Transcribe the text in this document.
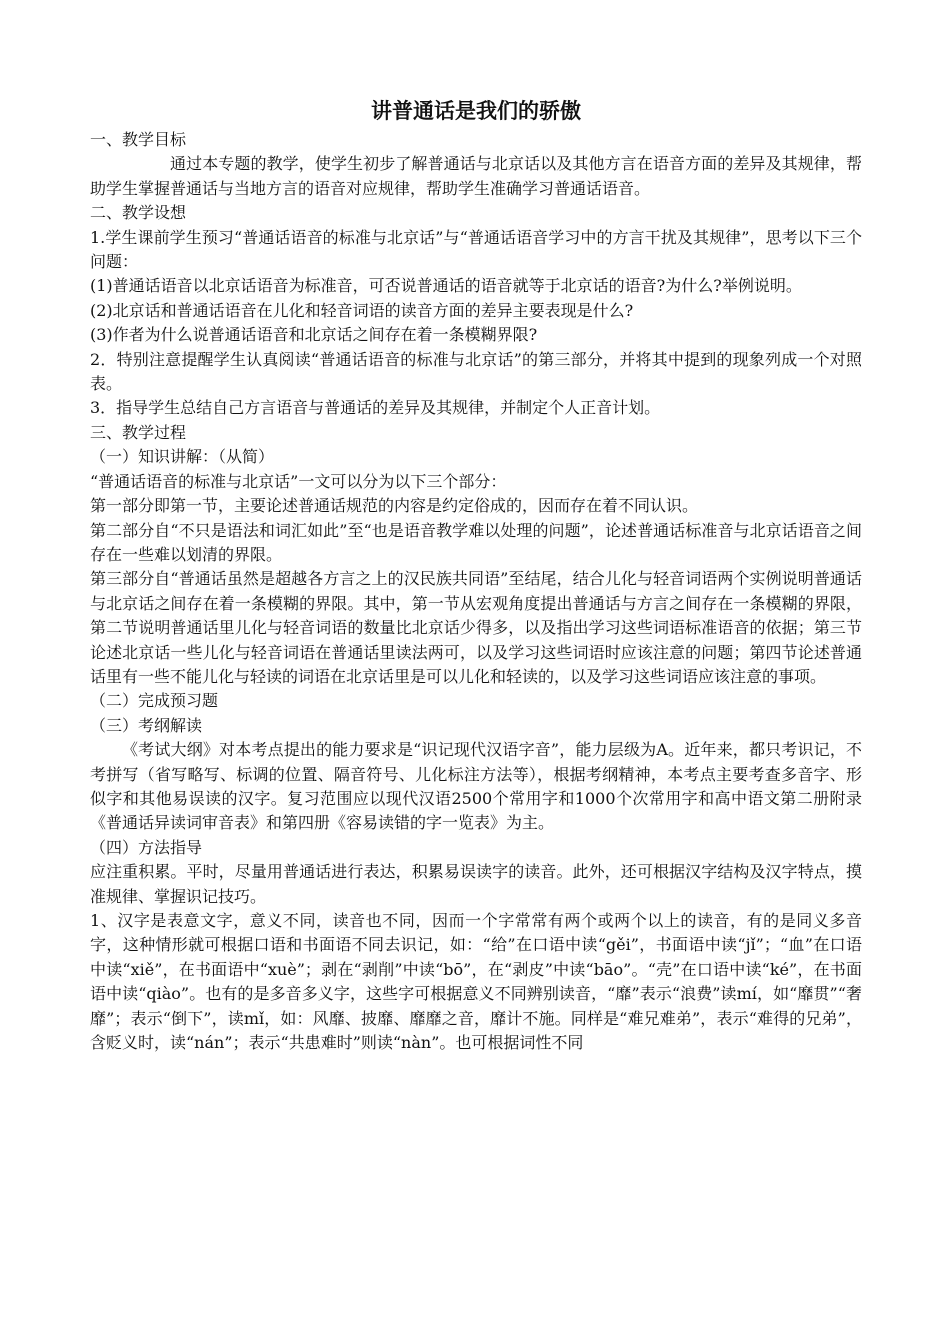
讲普通话是我们的骄傲

一、教学目标

通过本专题的教学，使学生初步了解普通话与北京话以及其他方言在语音方面的差异及其规律，帮助学生掌握普通话与当地方言的语音对应规律，帮助学生准确学习普通话语音。

二、教学设想

1.学生课前学生预习“普通话语音的标准与北京话”与“普通话语音学习中的方言干扰及其规律”，思考以下三个问题：

(1)普通话语音以北京话语音为标准音，可否说普通话的语音就等于北京话的语音?为什么?举例说明。

(2)北京话和普通话语音在儿化和轻音词语的读音方面的差异主要表现是什么?

(3)作者为什么说普通话语音和北京话之间存在着一条模糊界限?

2．特别注意提醒学生认真阅读“普通话语音的标准与北京话”的第三部分，并将其中提到的现象列成一个对照表。

3．指导学生总结自己方言语音与普通话的差异及其规律，并制定个人正音计划。

三、教学过程

（一）知识讲解：（从简）

“普通话语音的标准与北京话”一文可以分为以下三个部分：

第一部分即第一节，主要论述普通话规范的内容是约定俗成的，因而存在着不同认识。

第二部分自“不只是语法和词汇如此”至“也是语音教学难以处理的问题”，论述普通话标准音与北京话语音之间存在一些难以划清的界限。

第三部分自“普通话虽然是超越各方言之上的汉民族共同语”至结尾，结合儿化与轻音词语两个实例说明普通话与北京话之间存在着一条模糊的界限。其中，第一节从宏观角度提出普通话与方言之间存在一条模糊的界限，第二节说明普通话里儿化与轻音词语的数量比北京话少得多，以及指出学习这些词语标准语音的依据；第三节论述北京话一些儿化与轻音词语在普通话里读法两可，以及学习这些词语时应该注意的问题；第四节论述普通话里有一些不能儿化与轻读的词语在北京话里是可以儿化和轻读的，以及学习这些词语应该注意的事项。

（二）完成预习题

（三）考纲解读

《考试大纲》对本考点提出的能力要求是“识记现代汉语字音”，能力层级为A。近年来，都只考识记，不考拼写（省写略写、标调的位置、隔音符号、儿化标注方法等），根据考纲精神，本考点主要考查多音字、形似字和其他易误读的汉字。复习范围应以现代汉语2500个常用字和1000个次常用字和高中语文第二册附录《普通话异读词审音表》和第四册《容易读错的字一览表》为主。

（四）方法指导

应注重积累。平时，尽量用普通话进行表达，积累易误读字的读音。此外，还可根据汉字结构及汉字特点，摸准规律、掌握识记技巧。

1、汉字是表意文字，意义不同，读音也不同，因而一个字常常有两个或两个以上的读音，有的是同义多音字，这种情形就可根据口语和书面语不同去识记，如：“给”在口语中读“gěi”，书面语中读“jǐ”；“血”在口语中读“xiě”，在书面语中“xuè”；剥在“剥削”中读“bō”，在“剥皮”中读“bāo”。“壳”在口语中读“ké”，在书面语中读“qiào”。也有的是多音多义字，这些字可根据意义不同辨别读音，“靡”表示“浪费”读mí，如“靡贯”“奢靡”；表示“倒下”，读mǐ，如：风靡、披靡、靡靡之音，靡计不施。同样是“难兄难弟”，表示“难得的兄弟”，含贬义时，读“nán”；表示“共患难时”则读“nàn”。也可根据词性不同
